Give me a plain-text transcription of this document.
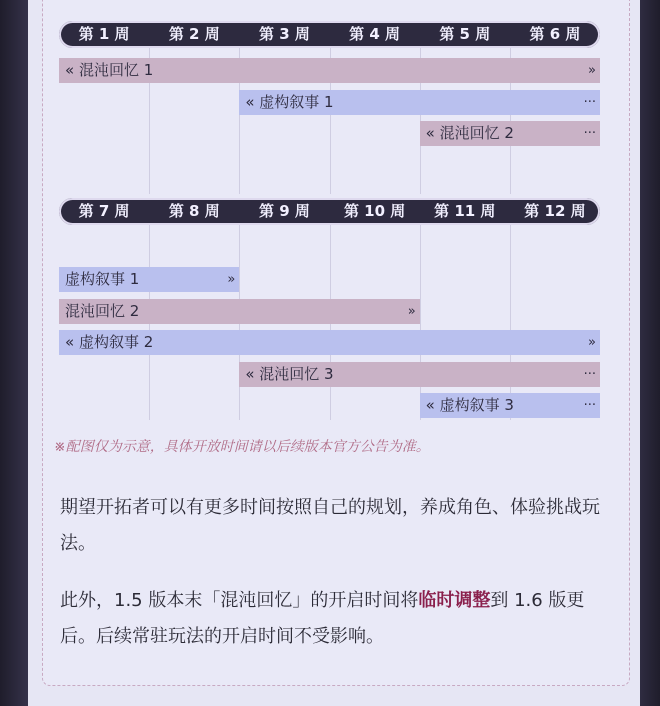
第 1 周	第 2 周	第 3 周	第 4 周	第 5 周	第 6 周
« 混沌回忆 1	»
« 虚构叙事 1	···
« 混沌回忆 2	···
第 7 周	第 8 周	第 9 周	第 10 周	第 11 周	第 12 周
虚构叙事 1	»
混沌回忆 2	»
« 虚构叙事 2	»
« 混沌回忆 3	···
« 虚构叙事 3	···
※配图仅为示意，具体开放时间请以后续版本官方公告为准。
期望开拓者可以有更多时间按照自己的规划，养成角色、体验挑战玩法。
此外，1.5 版本末「混沌回忆」的开启时间将临时调整到 1.6 版更后。后续常驻玩法的开启时间不受影响。
